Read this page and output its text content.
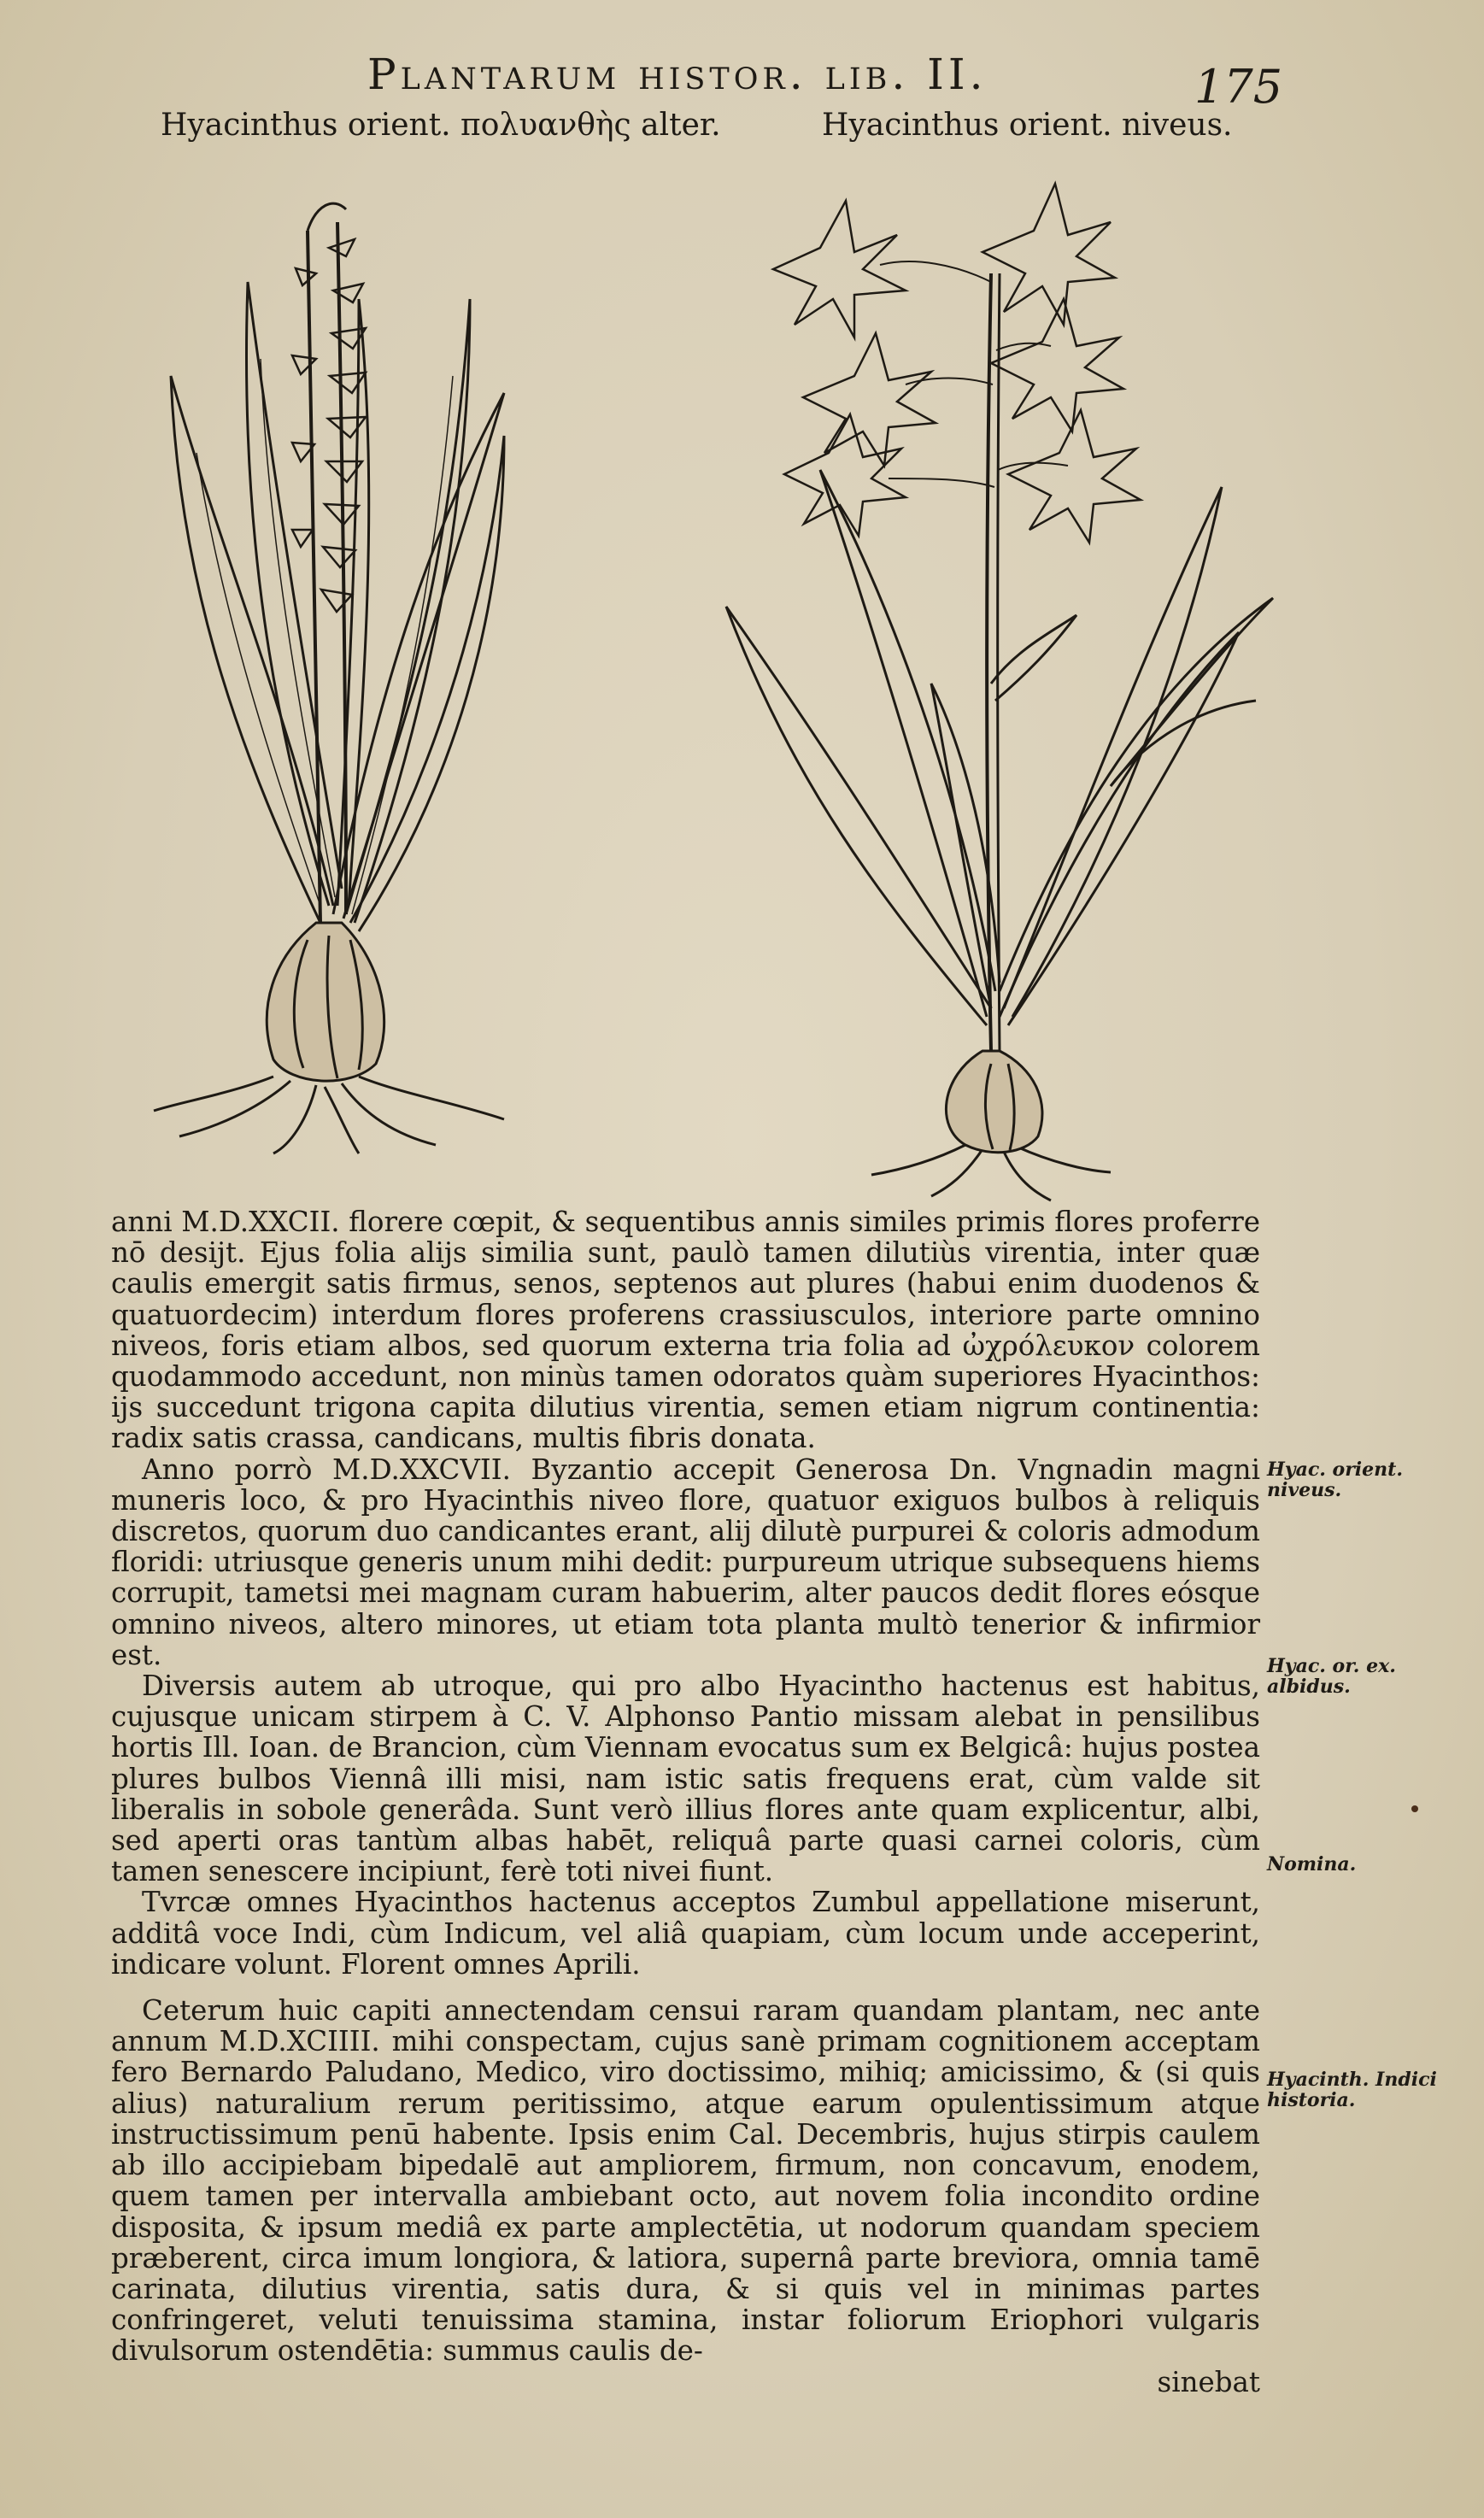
Plantarum histor. lib. II.	175
Hyacinthus orient. πολυανθὴς alter.	Hyacinthus orient. niveus.

anni M.D.XXCII. florere cœpit, & sequentibus annis similes primis flores proferre nō desijt. Ejus folia alijs similia sunt, paulò tamen dilutiùs virentia, inter quæ caulis emergit satis firmus, senos, septenos aut plures (habui enim duodenos & quatuordecim) interdum flores proferens crassiusculos, interiore parte omnino niveos, foris etiam albos, sed quorum externa tria folia ad ὠχρόλευκον colorem quodammodo accedunt, non minùs tamen odoratos quàm superiores Hyacinthos: ijs succedunt trigona capita dilutius virentia, semen etiam nigrum continentia: radix satis crassa, candicans, multis fibris donata.

Anno porrò M.D.XXCVII. Byzantio accepit Generosa Dn. Vngnadin magni muneris loco, & pro Hyacinthis niveo flore, quatuor exiguos bulbos à reliquis discretos, quorum duo candicantes erant, alij dilutè purpurei & coloris admodum floridi: utriusque generis unum mihi dedit: purpureum utrique subsequens hiems corrupit, tametsi mei magnam curam habuerim, alter paucos dedit flores eósque omnino niveos, altero minores, ut etiam tota planta multò tenerior & infirmior est.

Diversis autem ab utroque, qui pro albo Hyacintho hactenus est habitus, cujusque unicam stirpem à C. V. Alphonso Pantio missam alebat in pensilibus hortis Ill. Ioan. de Brancion, cùm Viennam evocatus sum ex Belgicâ: hujus postea plures bulbos Viennâ illi misi, nam istic satis frequens erat, cùm valde sit liberalis in sobole generâda. Sunt verò illius flores ante quam explicentur, albi, sed aperti oras tantùm albas habēt, reliquâ parte quasi carnei coloris, cùm tamen senescere incipiunt, ferè toti nivei fiunt.

Tvrcæ omnes Hyacinthos hactenus acceptos Zumbul appellatione miserunt, additâ voce Indi, cùm Indicum, vel aliâ quapiam, cùm locum unde acceperint, indicare volunt. Florent omnes Aprili.

Ceterum huic capiti annectendam censui raram quandam plantam, nec ante annum M.D.XCIIII. mihi conspectam, cujus sanè primam cognitionem acceptam fero Bernardo Paludano, Medico, viro doctissimo, mihiq; amicissimo, & (si quis alius) naturalium rerum peritissimo, atque earum opulentissimum atque instructissimum penū habente. Ipsis enim Cal. Decembris, hujus stirpis caulem ab illo accipiebam bipedalē aut ampliorem, firmum, non concavum, enodem, quem tamen per intervalla ambiebant octo, aut novem folia incondito ordine disposita, & ipsum mediâ ex parte amplectētia, ut nodorum quandam speciem præberent, circa imum longiora, & latiora, supernâ parte breviora, omnia tamē carinata, dilutius virentia, satis dura, & si quis vel in minimas partes confringeret, veluti tenuissima stamina, instar foliorum Eriophori vulgaris divulsorum ostendētia: summus caulis de-

sinebat
Hyac. orient. niveus.
Hyac. or. ex. albidus.
Nomina.
Hyacinth. Indici historia.
